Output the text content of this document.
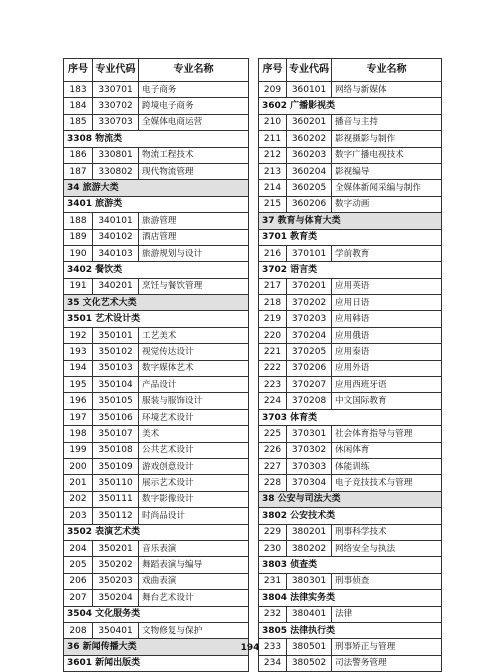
序号	专业代码	专业名称
183	330701	电子商务
184	330702	跨境电子商务
185	330703	全媒体电商运营
3308 物流类		
186	330801	物流工程技术
187	330802	现代物流管理
34 旅游大类		
3401 旅游类		
188	340101	旅游管理
189	340102	酒店管理
190	340103	旅游规划与设计
3402 餐饮类		
191	340201	烹饪与餐饮管理
35 文化艺术大类		
3501 艺术设计类		
192	350101	工艺美术
193	350102	视觉传达设计
194	350103	数字媒体艺术
195	350104	产品设计
196	350105	服装与服饰设计
197	350106	环境艺术设计
198	350107	美术
199	350108	公共艺术设计
200	350109	游戏创意设计
201	350110	展示艺术设计
202	350111	数字影像设计
203	350112	时尚品设计
3502 表演艺术类		
204	350201	音乐表演
205	350202	舞蹈表演与编导
206	350203	戏曲表演
207	350204	舞台艺术设计
3504 文化服务类		
208	350401	文物修复与保护
36 新闻传播大类		
3601 新闻出版类		
序号	专业代码	专业名称
209	360101	网络与新媒体
3602 广播影视类		
210	360201	播音与主持
211	360202	影视摄影与制作
212	360203	数字广播电视技术
213	360204	影视编导
214	360205	全媒体新闻采编与制作
215	360206	数字动画
37 教育与体育大类		
3701 教育类		
216	370101	学前教育
3702 语言类		
217	370201	应用英语
218	370202	应用日语
219	370203	应用韩语
220	370204	应用俄语
221	370205	应用泰语
222	370206	应用外语
223	370207	应用西班牙语
224	370208	中文国际教育
3703 体育类		
225	370301	社会体育指导与管理
226	370302	休闲体育
227	370303	体能训练
228	370304	电子竞技技术与管理
38 公安与司法大类		
3802 公安技术类		
229	380201	刑事科学技术
230	380202	网络安全与执法
3803 侦查类		
231	380301	刑事侦查
3804 法律实务类		
232	380401	法律
3805 法律执行类		
233	380501	刑事矫正与管理
234	380502	司法警务管理
194
